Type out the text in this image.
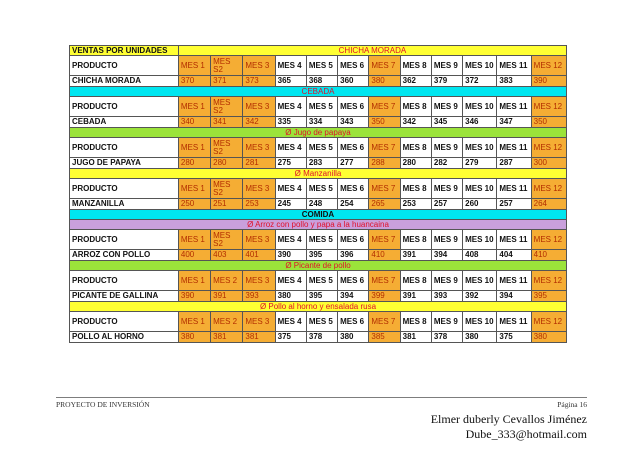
VENTAS POR UNIDADES	CHICHA MORADA											
PRODUCTO	MES 1	MES S2	MES 3	MES 4	MES 5	MES 6	MES 7	MES 8	MES 9	MES 10	MES 11	MES 12
CHICHA MORADA	370	371	373	365	368	360	380	362	379	372	383	390
CEBADA												
PRODUCTO	MES 1	MES S2	MES 3	MES 4	MES 5	MES 6	MES 7	MES 8	MES 9	MES 10	MES 11	MES 12
CEBADA	340	341	342	335	334	343	350	342	345	346	347	350
Ø Jugo de papaya												
PRODUCTO	MES 1	MES S2	MES 3	MES 4	MES 5	MES 6	MES 7	MES 8	MES 9	MES 10	MES 11	MES 12
JUGO DE PAPAYA	280	280	281	275	283	277	288	280	282	279	287	300
Ø Manzanilla												
PRODUCTO	MES 1	MES S2	MES 3	MES 4	MES 5	MES 6	MES 7	MES 8	MES 9	MES 10	MES 11	MES 12
MANZANILLA	250	251	253	245	248	254	265	253	257	260	257	264
COMIDA												
Ø Arroz con pollo y papa a la huancaina												
PRODUCTO	MES 1	MES S2	MES 3	MES 4	MES 5	MES 6	MES 7	MES 8	MES 9	MES 10	MES 11	MES 12
ARROZ CON POLLO	400	403	401	390	395	396	410	391	394	408	404	410
Ø Picante de pollo												
PRODUCTO	MES 1	MES 2	MES 3	MES 4	MES 5	MES 6	MES 7	MES 8	MES 9	MES 10	MES 11	MES 12
PICANTE DE GALLINA	390	391	393	380	395	394	399	391	393	392	394	395
Ø Pollo al horno y ensalada rusa												
PRODUCTO	MES 1	MES 2	MES 3	MES 4	MES 5	MES 6	MES 7	MES 8	MES 9	MES 10	MES 11	MES 12
POLLO AL HORNO	380	381	381	375	378	380	385	381	378	380	375	380
PROYECTO DE INVERSIÓN	Página 16
Elmer duberly Cevallos Jiménez
Dube_333@hotmail.com
